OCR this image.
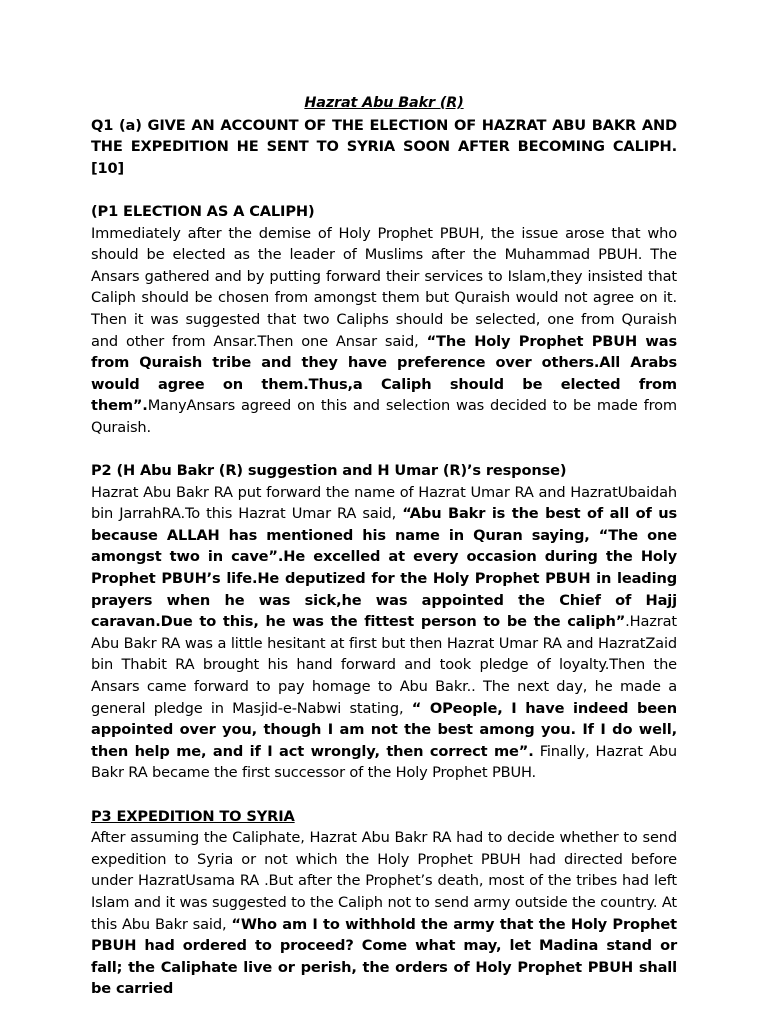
Hazrat Abu Bakr (R)

Q1 (a) GIVE AN ACCOUNT OF THE ELECTION OF HAZRAT ABU BAKR AND THE EXPEDITION HE SENT TO SYRIA SOON AFTER BECOMING CALIPH. [10]

(P1 ELECTION AS A CALIPH)

Immediately after the demise of Holy Prophet PBUH, the issue arose that who should be elected as the leader of Muslims after the Muhammad PBUH. The Ansars gathered and by putting forward their services to Islam,they insisted that Caliph should be chosen from amongst them but Quraish would not agree on it. Then it was suggested that two Caliphs should be selected, one from Quraish and other from Ansar.Then one Ansar said, “The Holy Prophet PBUH was from Quraish tribe and they have preference over others.All Arabs would agree on them.Thus,a Caliph should be elected from them”.ManyAnsars agreed on this and selection was decided to be made from Quraish.

P2 (H Abu Bakr (R) suggestion and H Umar (R)’s response)

Hazrat Abu Bakr RA put forward the name of Hazrat Umar RA and HazratUbaidah bin JarrahRA.To this Hazrat Umar RA said, “Abu Bakr is the best of all of us because ALLAH has mentioned his name in Quran saying, “The one amongst two in cave”.He excelled at every occasion during the Holy Prophet PBUH’s life.He deputized for the Holy Prophet PBUH in leading prayers when he was sick,he was appointed the Chief of Hajj caravan.Due to this, he was the fittest person to be the caliph”.Hazrat Abu Bakr RA was a little hesitant at first but then Hazrat Umar RA and HazratZaid bin Thabit RA brought his hand forward and took pledge of loyalty.Then the Ansars came forward to pay homage to Abu Bakr.. The next day, he made a general pledge in Masjid-e-Nabwi stating, “ OPeople, I have indeed been appointed over you, though I am not the best among you. If I do well, then help me, and if I act wrongly, then correct me”. Finally, Hazrat Abu Bakr RA became the first successor of the Holy Prophet PBUH.

P3 EXPEDITION TO SYRIA

After assuming the Caliphate, Hazrat Abu Bakr RA had to decide whether to send expedition to Syria or not which the Holy Prophet PBUH had directed before under HazratUsama RA .But after the Prophet’s death, most of the tribes had left Islam and it was suggested to the Caliph not to send army outside the country. At this Abu Bakr said, “Who am I to withhold the army that the Holy Prophet PBUH had ordered to proceed? Come what may, let Madina stand or fall; the Caliphate live or perish, the orders of Holy Prophet PBUH shall be carried
